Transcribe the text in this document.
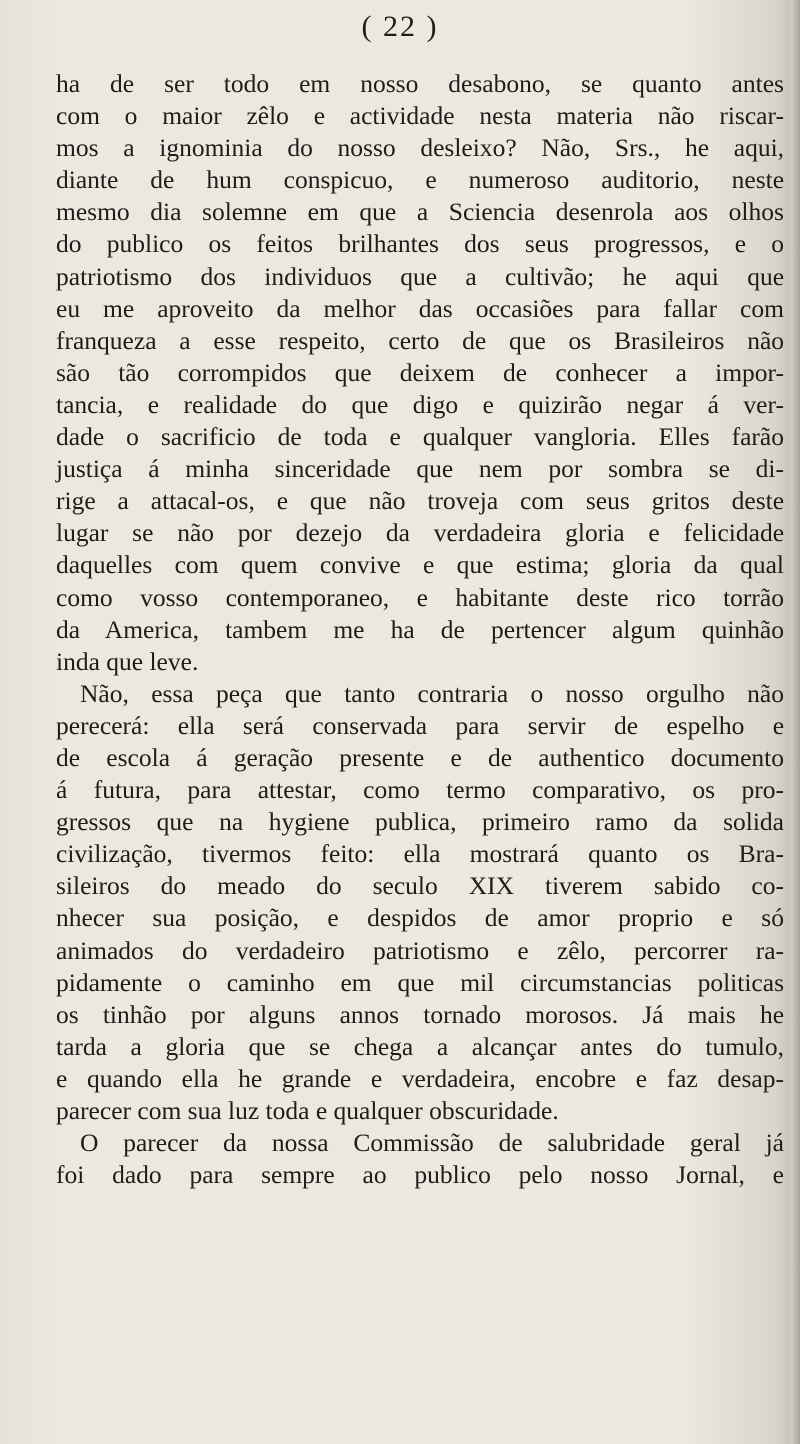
( 22 )
ha de ser todo em nosso desabono, se quanto antes
com o maior zêlo e actividade nesta materia não riscar-
mos a ignominia do nosso desleixo? Não, Srs., he aqui,
diante de hum conspicuo, e numeroso auditorio, neste
mesmo dia solemne em que a Sciencia desenrola aos olhos
do publico os feitos brilhantes dos seus progressos, e o
patriotismo dos individuos que a cultivão; he aqui que
eu me aproveito da melhor das occasiões para fallar com
franqueza a esse respeito, certo de que os Brasileiros não
são tão corrompidos que deixem de conhecer a impor-
tancia, e realidade do que digo e quizirão negar á ver-
dade o sacrificio de toda e qualquer vangloria. Elles farão
justiça á minha sinceridade que nem por sombra se di-
rige a attacal-os, e que não troveja com seus gritos deste
lugar se não por dezejo da verdadeira gloria e felicidade
daquelles com quem convive e que estima; gloria da qual
como vosso contemporaneo, e habitante deste rico torrão
da America, tambem me ha de pertencer algum quinhão
inda que leve.
Não, essa peça que tanto contraria o nosso orgulho não
perecerá: ella será conservada para servir de espelho e
de escola á geração presente e de authentico documento
á futura, para attestar, como termo comparativo, os pro-
gressos que na hygiene publica, primeiro ramo da solida
civilização, tivermos feito: ella mostrará quanto os Bra-
sileiros do meado do seculo XIX tiverem sabido co-
nhecer sua posição, e despidos de amor proprio e só
animados do verdadeiro patriotismo e zêlo, percorrer ra-
pidamente o caminho em que mil circumstancias politicas
os tinhão por alguns annos tornado morosos. Já mais he
tarda a gloria que se chega a alcançar antes do tumulo,
e quando ella he grande e verdadeira, encobre e faz desap-
parecer com sua luz toda e qualquer obscuridade.
O parecer da nossa Commissão de salubridade geral já
foi dado para sempre ao publico pelo nosso Jornal, e
